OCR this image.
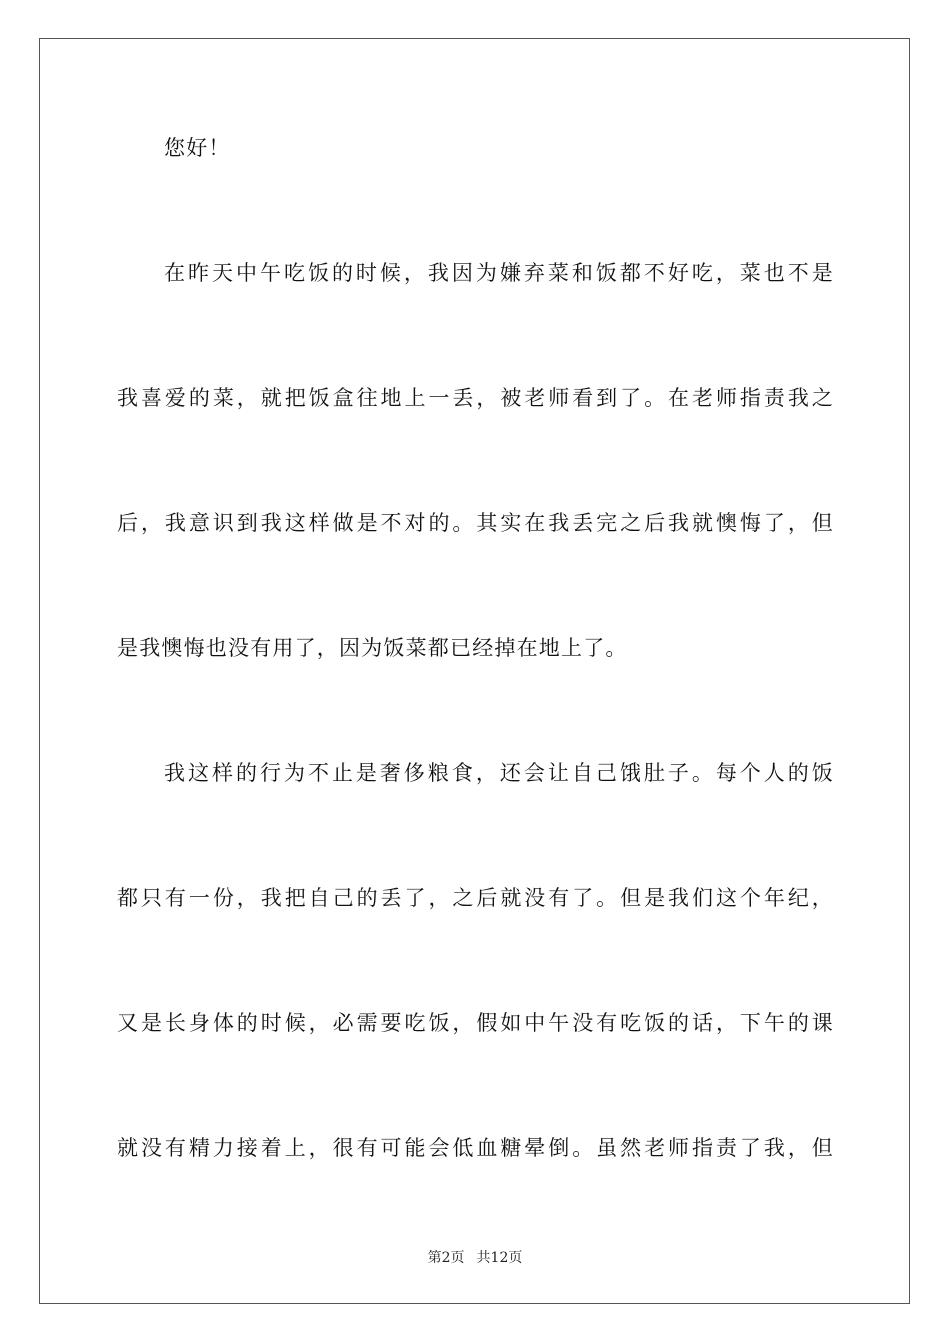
您好！
在昨天中午吃饭的时候，我因为嫌弃菜和饭都不好吃，菜也不是
我喜爱的菜，就把饭盒往地上一丢，被老师看到了。在老师指责我之
后，我意识到我这样做是不对的。其实在我丢完之后我就懊悔了，但
是我懊悔也没有用了，因为饭菜都已经掉在地上了。
我这样的行为不止是奢侈粮食，还会让自己饿肚子。每个人的饭
都只有一份，我把自己的丢了，之后就没有了。但是我们这个年纪，
又是长身体的时候，必需要吃饭，假如中午没有吃饭的话，下午的课
就没有精力接着上，很有可能会低血糖晕倒。虽然老师指责了我，但
第2页 共12页
